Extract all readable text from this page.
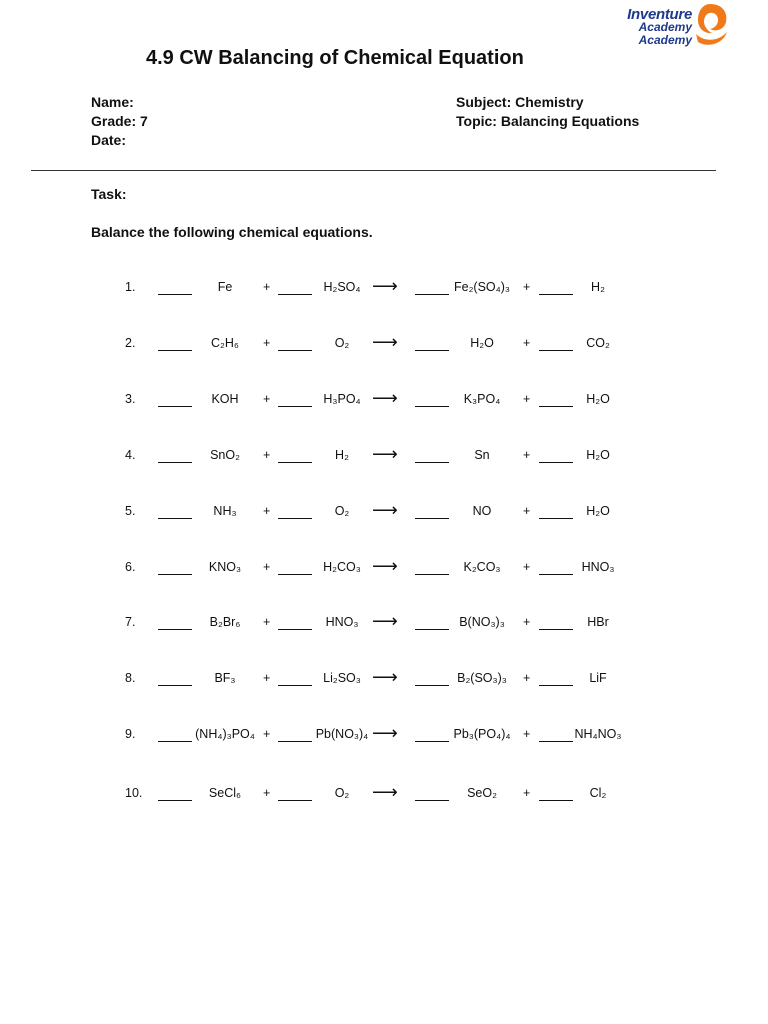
Inventure
Academy
Academy
4.9 CW Balancing of Chemical Equation
Name:
Grade: 7
Date:
Subject: Chemistry
Topic: Balancing Equations
Task:
Balance the following chemical equations.
1.	Fe	+	H₂SO₄ ⟶	Fe₂(SO₄)₃	+	H₂
2.	C₂H₆	+	O₂	⟶	H₂O	+	CO₂
3.	KOH	+	H₃PO₄ ⟶	K₃PO₄	+	H₂O
4.	SnO₂	+	H₂	⟶	Sn	+	H₂O
5.	NH₃	+	O₂	⟶	NO	+	H₂O
6.	KNO₃	+	H₂CO₃ ⟶	K₂CO₃	+	HNO₃
7.	B₂Br₆	+	HNO₃ ⟶	B(NO₃)₃	+	HBr
8.	BF₃	+	Li₂SO₃ ⟶	B₂(SO₃)₃	+	LiF
9.	(NH₄)₃PO₄ +	Pb(NO₃)₄ ⟶	Pb₃(PO₄)₄	+	NH₄NO₃
10.	SeCl₆	+	O₂	⟶	SeO₂	+	Cl₂
